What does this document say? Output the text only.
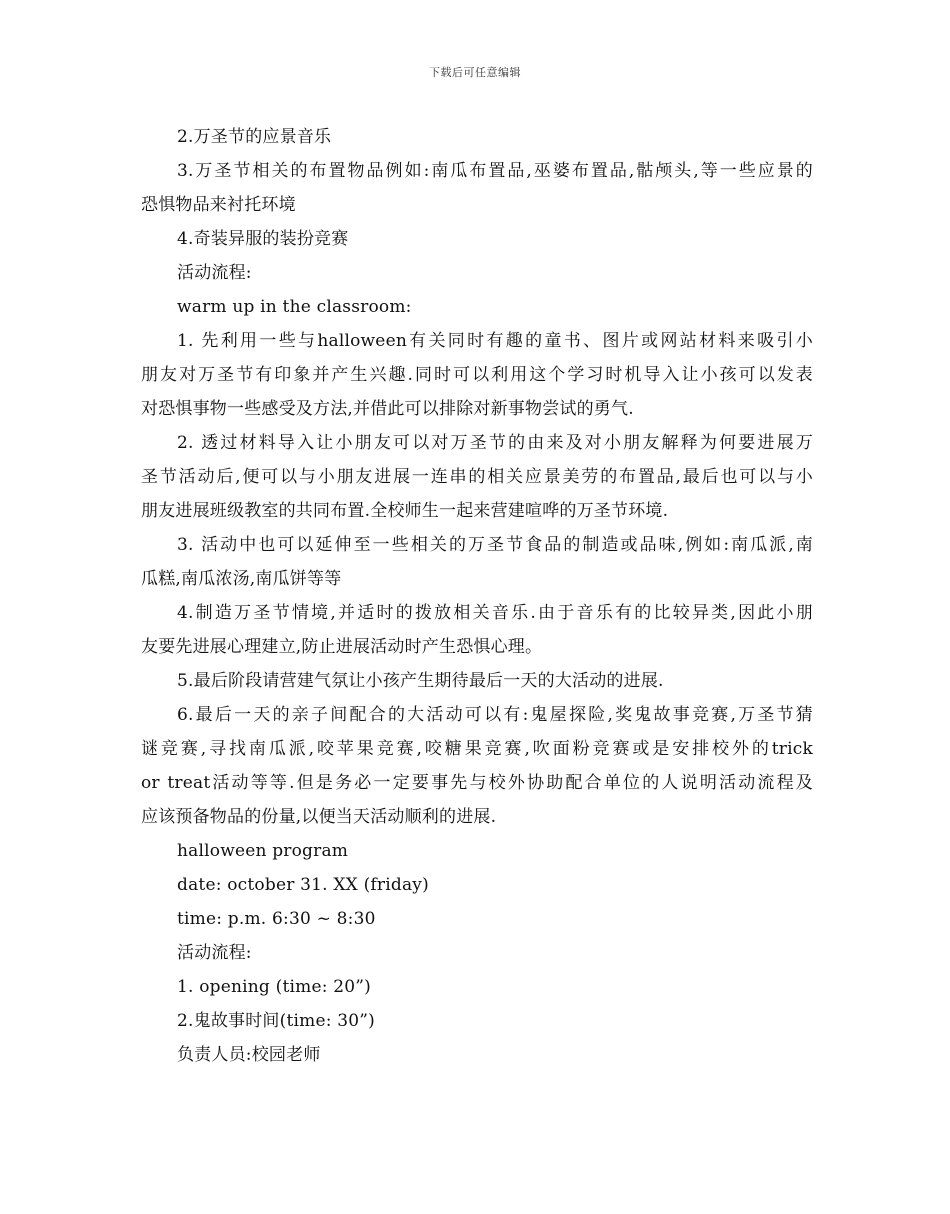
下载后可任意编辑
2.万圣节的应景音乐
3.万圣节相关的布置物品例如:南瓜布置品,巫婆布置品,骷颅头,等一些应景的
恐惧物品来衬托环境
4.奇装异服的装扮竞赛
活动流程:
warm up in the classroom:
1. 先利用一些与halloween有关同时有趣的童书、图片或网站材料来吸引小
朋友对万圣节有印象并产生兴趣.同时可以利用这个学习时机导入让小孩可以发表
对恐惧事物一些感受及方法,并借此可以排除对新事物尝试的勇气.
2. 透过材料导入让小朋友可以对万圣节的由来及对小朋友解释为何要进展万
圣节活动后,便可以与小朋友进展一连串的相关应景美劳的布置品,最后也可以与小
朋友进展班级教室的共同布置.全校师生一起来营建喧哗的万圣节环境.
3. 活动中也可以延伸至一些相关的万圣节食品的制造或品味,例如:南瓜派,南
瓜糕,南瓜浓汤,南瓜饼等等
4.制造万圣节情境,并适时的拨放相关音乐.由于音乐有的比较异类,因此小朋
友要先进展心理建立,防止进展活动时产生恐惧心理。
5.最后阶段请营建气氛让小孩产生期待最后一天的大活动的进展.
6.最后一天的亲子间配合的大活动可以有:鬼屋探险,奖鬼故事竞赛,万圣节猜
谜竞赛,寻找南瓜派,咬苹果竞赛,咬糖果竞赛,吹面粉竞赛或是安排校外的trick
or treat活动等等.但是务必一定要事先与校外协助配合单位的人说明活动流程及
应该预备物品的份量,以便当天活动顺利的进展.
halloween program
date: october 31. XX (friday)
time: p.m. 6:30 ~ 8:30
活动流程:
1. opening (time: 20”)
2.鬼故事时间(time: 30”)
负责人员:校园老师
